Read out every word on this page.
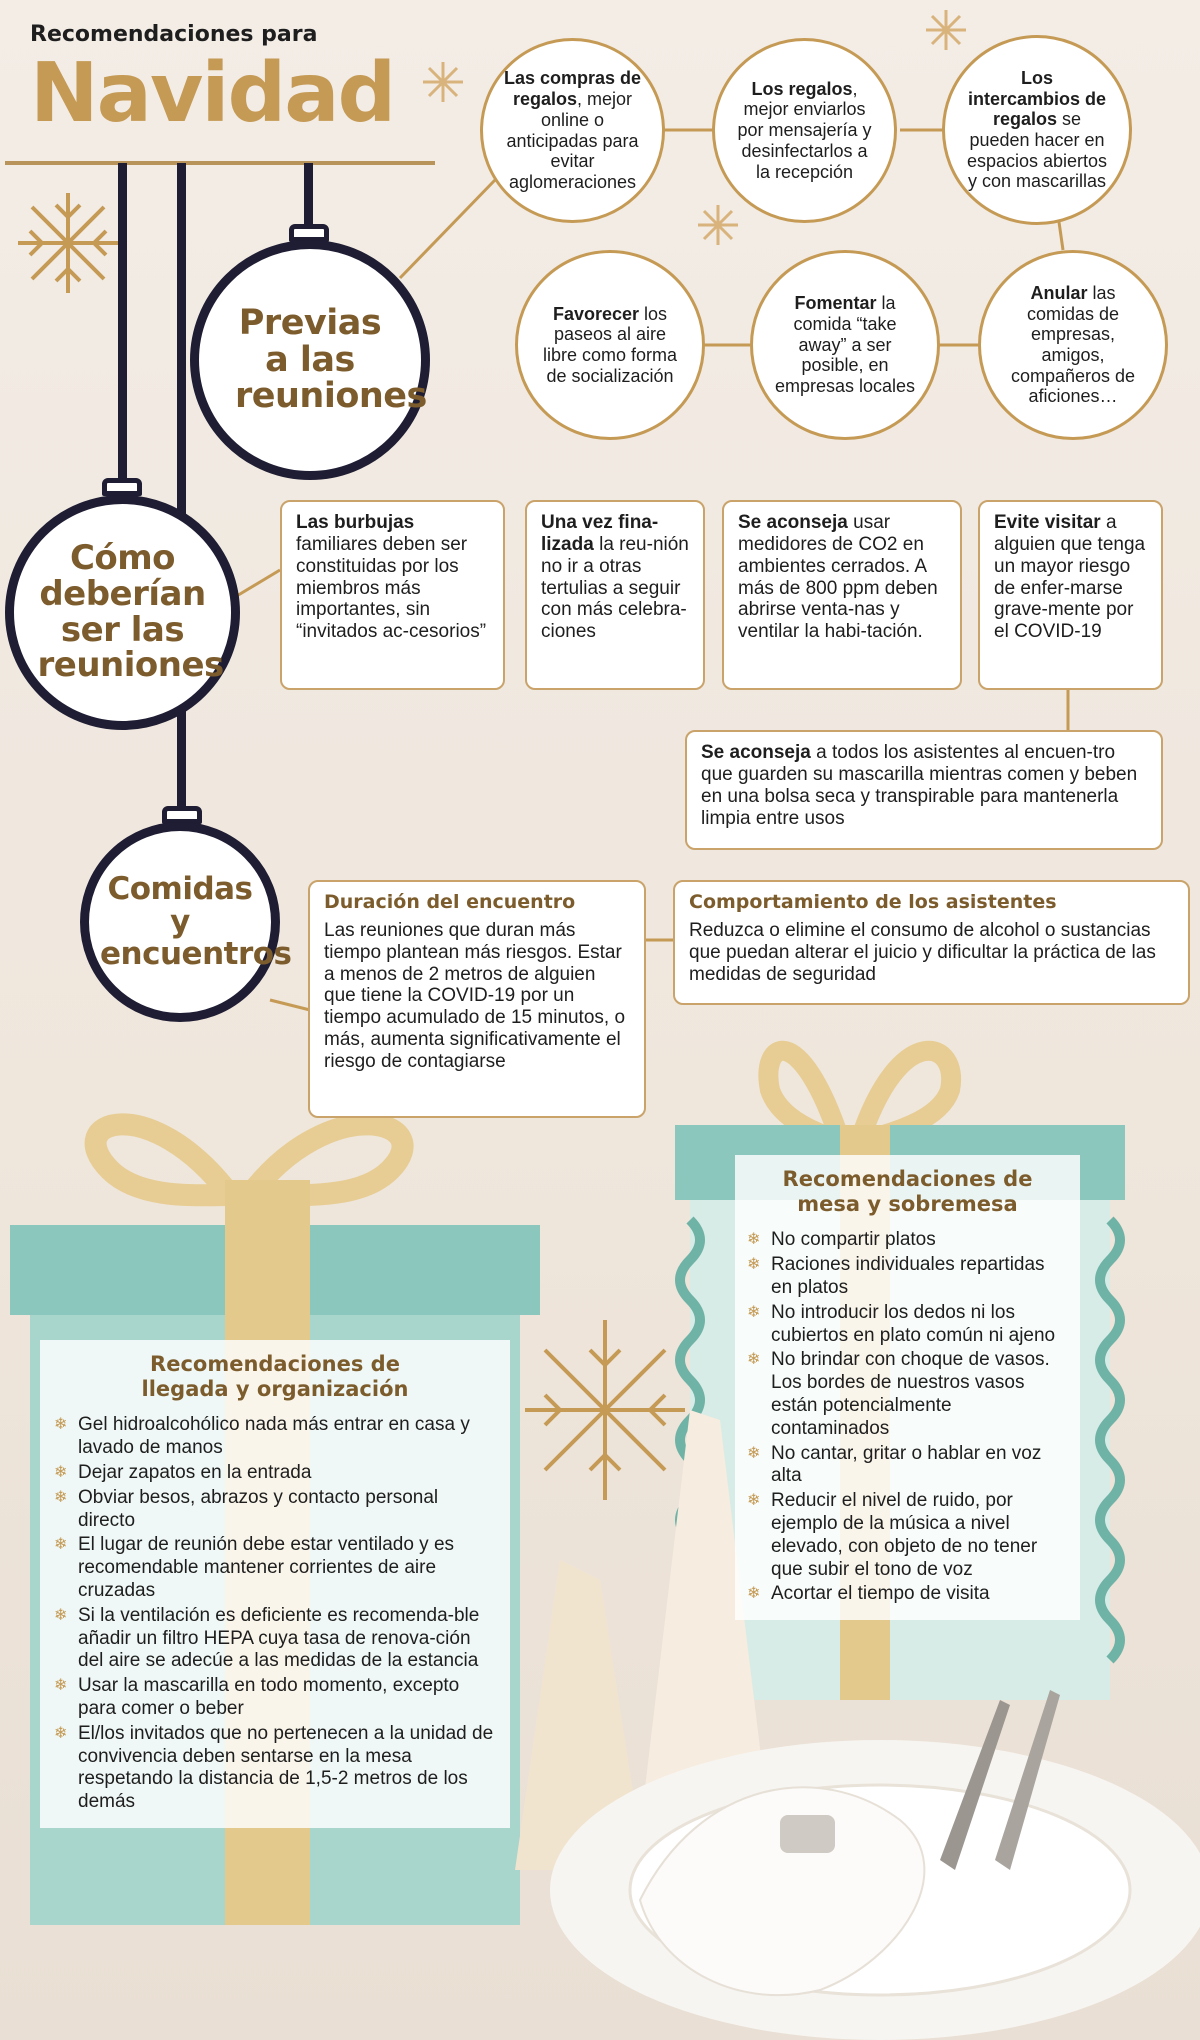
Recomendaciones para
Navidad
Previas a las reuniones
Cómo deberían ser las reuniones
Comidas y encuentros
Las compras de regalos, mejor online o anticipadas para evitar aglomeraciones
Los regalos, mejor enviarlos por mensajería y desinfectarlos a la recepción
Los intercambios de regalos se pueden hacer en espacios abiertos y con mascarillas
Favorecer los paseos al aire libre como forma de socialización
Fomentar la comida “take away” a ser posible, en empresas locales
Anular las comidas de empresas, amigos, compañeros de aficiones…
Las burbujas familiares deben ser constituidas por los miembros más importantes, sin “invitados ac-cesorios”
Una vez fina-lizada la reu-nión no ir a otras tertulias a seguir con más celebra-ciones
Se aconseja usar medidores de CO2 en ambientes cerrados. A más de 800 ppm deben abrirse venta-nas y ventilar la habi-tación.
Evite visitar a alguien que tenga un mayor riesgo de enfer-marse grave-mente por el COVID-19
Se aconseja a todos los asistentes al encuen-tro que guarden su mascarilla mientras comen y beben en una bolsa seca y transpirable para mantenerla limpia entre usos
Duración del encuentro
Las reuniones que duran más tiempo plantean más riesgos. Estar a menos de 2 metros de alguien que tiene la COVID-19 por un tiempo acumulado de 15 minutos, o más, aumenta significativamente el riesgo de contagiarse
Comportamiento de los asistentes
Reduzca o elimine el consumo de alcohol o sustancias que puedan alterar el juicio y dificultar la práctica de las medidas de seguridad
Recomendaciones de llegada y organización
❄ Gel hidroalcohólico nada más entrar en casa y lavado de manos
❄ Dejar zapatos en la entrada
❄ Obviar besos, abrazos y contacto personal directo
❄ El lugar de reunión debe estar ventilado y es recomendable mantener corrientes de aire cruzadas
❄ Si la ventilación es deficiente es recomenda-ble añadir un filtro HEPA cuya tasa de renova-ción del aire se adecúe a las medidas de la estancia
❄ Usar la mascarilla en todo momento, excepto para comer o beber
❄ El/los invitados que no pertenecen a la unidad de convivencia deben sentarse en la mesa respetando la distancia de 1,5-2 metros de los demás
Recomendaciones de mesa y sobremesa
❄ No compartir platos
❄ Raciones individuales repartidas en platos
❄ No introducir los dedos ni los cubiertos en plato común ni ajeno
❄ No brindar con choque de vasos. Los bordes de nuestros vasos están potencialmente contaminados
❄ No cantar, gritar o hablar en voz alta
❄ Reducir el nivel de ruido, por ejemplo de la música a nivel elevado, con objeto de no tener que subir el tono de voz
❄ Acortar el tiempo de visita
